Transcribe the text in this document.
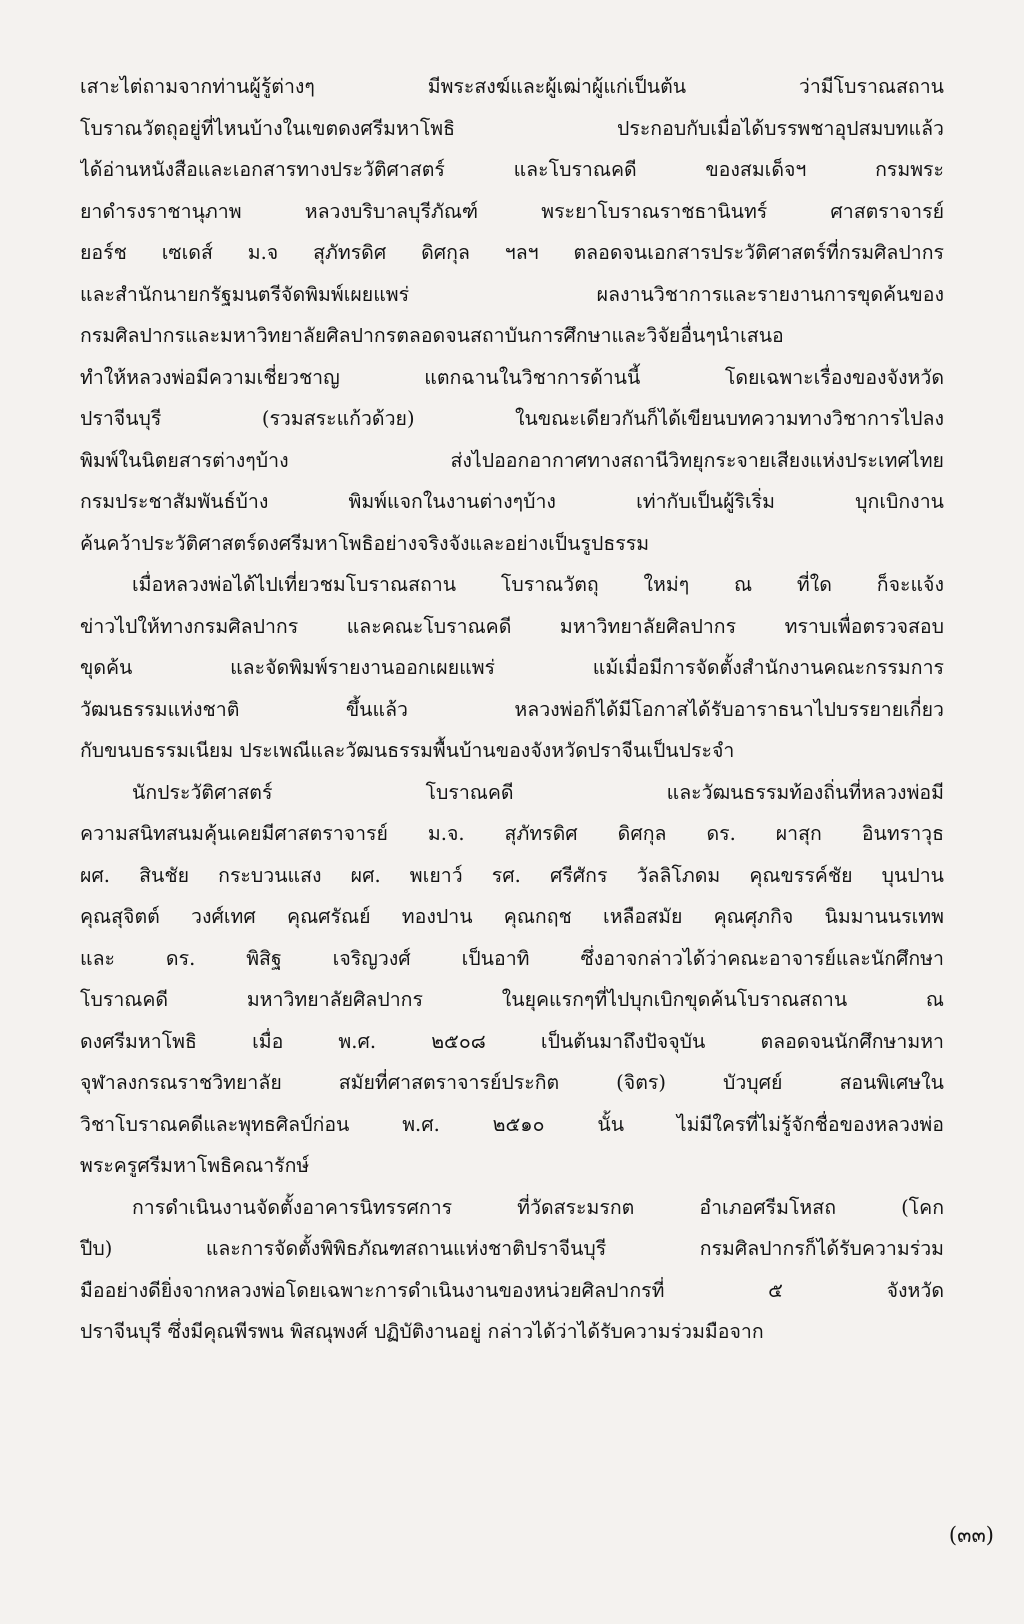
เสาะไต่ถามจากท่านผู้รู้ต่างๆ มีพระสงฆ์และผู้เฒ่าผู้แก่เป็นต้น ว่ามีโบราณสถาน
โบราณวัตถุอยู่ที่ไหนบ้างในเขตดงศรีมหาโพธิ ประกอบกับเมื่อได้บรรพชาอุปสมบทแล้ว
ได้อ่านหนังสือและเอกสารทางประวัติศาสตร์ และโบราณคดี ของสมเด็จฯ กรมพระ
ยาดำรงราชานุภาพ หลวงบริบาลบุรีภัณฑ์ พระยาโบราณราชธานินทร์ ศาสตราจารย์
ยอร์ช เซเดส์ ม.จ สุภัทรดิศ ดิศกุล ฯลฯ ตลอดจนเอกสารประวัติศาสตร์ที่กรมศิลปากร
และสำนักนายกรัฐมนตรีจัดพิมพ์เผยแพร่ ผลงานวิชาการและรายงานการขุดค้นของ
กรมศิลปากรและมหาวิทยาลัยศิลปากรตลอดจนสถาบันการศึกษาและวิจัยอื่นๆนำเสนอ
ทำให้หลวงพ่อมีความเชี่ยวชาญ แตกฉานในวิชาการด้านนี้ โดยเฉพาะเรื่องของจังหวัด
ปราจีนบุรี (รวมสระแก้วด้วย) ในขณะเดียวกันก็ได้เขียนบทความทางวิชาการไปลง
พิมพ์ในนิตยสารต่างๆบ้าง ส่งไปออกอากาศทางสถานีวิทยุกระจายเสียงแห่งประเทศไทย
กรมประชาสัมพันธ์บ้าง พิมพ์แจกในงานต่างๆบ้าง เท่ากับเป็นผู้ริเริ่ม บุกเบิกงาน
ค้นคว้าประวัติศาสตร์ดงศรีมหาโพธิอย่างจริงจังและอย่างเป็นรูปธรรม
เมื่อหลวงพ่อได้ไปเที่ยวชมโบราณสถาน โบราณวัตถุ ใหม่ๆ ณ ที่ใด ก็จะแจ้ง
ข่าวไปให้ทางกรมศิลปากร และคณะโบราณคดี มหาวิทยาลัยศิลปากร ทราบเพื่อตรวจสอบ
ขุดค้น และจัดพิมพ์รายงานออกเผยแพร่ แม้เมื่อมีการจัดตั้งสำนักงานคณะกรรมการ
วัฒนธรรมแห่งชาติ ขึ้นแล้ว หลวงพ่อก็ได้มีโอกาสได้รับอาราธนาไปบรรยายเกี่ยว
กับขนบธรรมเนียม ประเพณีและวัฒนธรรมพื้นบ้านของจังหวัดปราจีนเป็นประจำ
นักประวัติศาสตร์ โบราณคดี และวัฒนธรรมท้องถิ่นที่หลวงพ่อมี
ความสนิทสนมคุ้นเคยมีศาสตราจารย์ ม.จ. สุภัทรดิศ ดิศกุล ดร. ผาสุก อินทราวุธ
ผศ. สินชัย กระบวนแสง ผศ. พเยาว์ รศ. ศรีศักร วัลลิโภดม คุณขรรค์ชัย บุนปาน
คุณสุจิตต์ วงศ์เทศ คุณศรัณย์ ทองปาน คุณกฤช เหลือสมัย คุณศุภกิจ นิมมานนรเทพ
และ ดร. พิสิฐ เจริญวงศ์ เป็นอาทิ ซึ่งอาจกล่าวได้ว่าคณะอาจารย์และนักศึกษา
โบราณคดี มหาวิทยาลัยศิลปากร ในยุคแรกๆที่ไปบุกเบิกขุดค้นโบราณสถาน ณ
ดงศรีมหาโพธิ เมื่อ พ.ศ. ๒๕๐๘ เป็นต้นมาถึงปัจจุบัน ตลอดจนนักศึกษามหา
จุฬาลงกรณราชวิทยาลัย สมัยที่ศาสตราจารย์ประกิต (จิตร) บัวบุศย์ สอนพิเศษใน
วิชาโบราณคดีและพุทธศิลป์ก่อน พ.ศ. ๒๕๑๐ นั้น ไม่มีใครที่ไม่รู้จักชื่อของหลวงพ่อ
พระครูศรีมหาโพธิคณารักษ์
การดำเนินงานจัดตั้งอาคารนิทรรศการ ที่วัดสระมรกต อำเภอศรีมโหสถ (โคก
ปีบ) และการจัดตั้งพิพิธภัณฑสถานแห่งชาติปราจีนบุรี กรมศิลปากรก็ได้รับความร่วม
มืออย่างดียิ่งจากหลวงพ่อโดยเฉพาะการดำเนินงานของหน่วยศิลปากรที่ ๕ จังหวัด
ปราจีนบุรี ซึ่งมีคุณพีรพน พิสณุพงศ์ ปฏิบัติงานอยู่ กล่าวได้ว่าได้รับความร่วมมือจาก
(๓๓)
